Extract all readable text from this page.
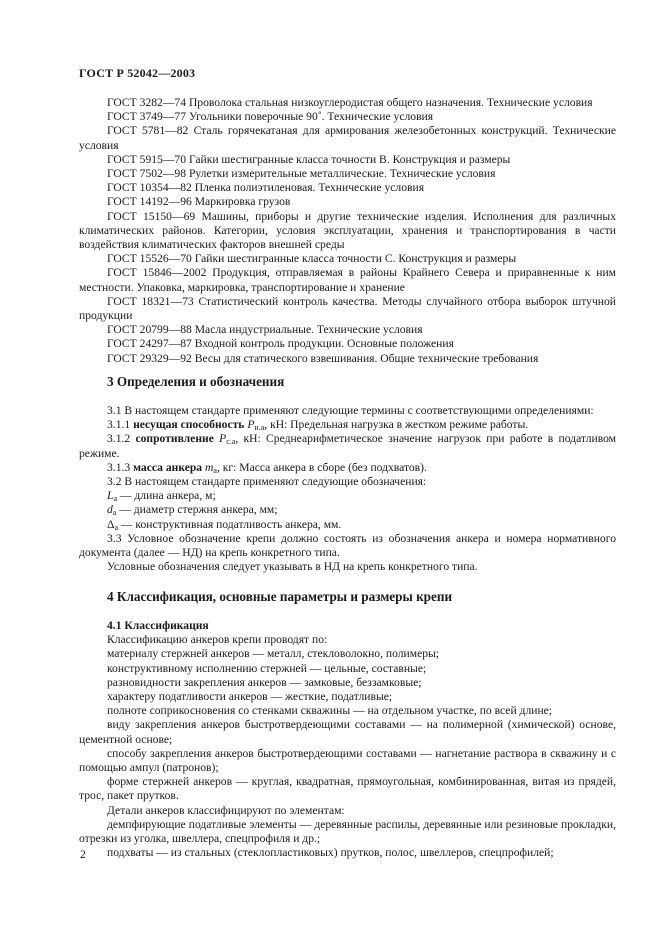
ГОСТ Р 52042—2003

ГОСТ 3282—74 Проволока стальная низкоуглеродистая общего назначения. Технические условия

ГОСТ 3749—77 Угольники поверочные 90˚. Технические условия

ГОСТ 5781—82 Сталь горячекатаная для армирования железобетонных конструкций. Технические условия

ГОСТ 5915—70 Гайки шестигранные класса точности В. Конструкция и размеры

ГОСТ 7502—98 Рулетки измерительные металлические. Технические условия

ГОСТ 10354—82 Пленка полиэтиленовая. Технические условия

ГОСТ 14192—96 Маркировка грузов

ГОСТ 15150—69 Машины, приборы и другие технические изделия. Исполнения для различных климатических районов. Категории, условия эксплуатации, хранения и транспортирования в части воздействия климатических факторов внешней среды

ГОСТ 15526—70 Гайки шестигранные класса точности С. Конструкция и размеры

ГОСТ 15846—2002 Продукция, отправляемая в районы Крайнего Севера и приравненные к ним местности. Упаковка, маркировка, транспортирование и хранение

ГОСТ 18321—73 Статистический контроль качества. Методы случайного отбора выборок штучной продукции

ГОСТ 20799—88 Масла индустриальные. Технические условия

ГОСТ 24297—87 Входной контроль продукции. Основные положения

ГОСТ 29329—92 Весы для статического взвешивания. Общие технические требования

3 Определения и обозначения

3.1 В настоящем стандарте применяют следующие термины с соответствующими определениями:

3.1.1 несущая способность $P_{н.а}$, кН: Предельная нагрузка в жестком режиме работы.

3.1.2 сопротивление $P_{с.а}$, кН: Среднеарифметическое значение нагрузок при работе в податливом режиме.

3.1.3 масса анкера $m_а$, кг: Масса анкера в сборе (без подхватов).

3.2 В настоящем стандарте применяют следующие обозначения:

$L_а$ — длина анкера, м;

$d_а$ — диаметр стержня анкера, мм;

$\Delta_а$ — конструктивная податливость анкера, мм.

3.3 Условное обозначение крепи должно состоять из обозначения анкера и номера нормативного документа (далее — НД) на крепь конкретного типа.

Условные обозначения следует указывать в НД на крепь конкретного типа.

4 Классификация, основные параметры и размеры крепи

4.1 Классификация

Классификацию анкеров крепи проводят по:

материалу стержней анкеров — металл, стекловолокно, полимеры;

конструктивному исполнению стержней — цельные, составные;

разновидности закрепления анкеров — замковые, беззамковые;

характеру податливости анкеров — жесткие, податливые;

полноте соприкосновения со стенками скважины — на отдельном участке, по всей длине;

виду закрепления анкеров быстротвердеющими составами — на полимерной (химической) основе, цементной основе;

способу закрепления анкеров быстротвердеющими составами — нагнетание раствора в скважину и с помощью ампул (патронов);

форме стержней анкеров — круглая, квадратная, прямоугольная, комбинированная, витая из прядей, трос, пакет прутков.

Детали анкеров классифицируют по элементам:

демпфирующие податливые элементы — деревянные распилы, деревянные или резиновые прокладки, отрезки из уголка, швеллера, спецпрофиля и др.;

подхваты — из стальных (стеклопластиковых) прутков, полос, швеллеров, спецпрофилей;

2
